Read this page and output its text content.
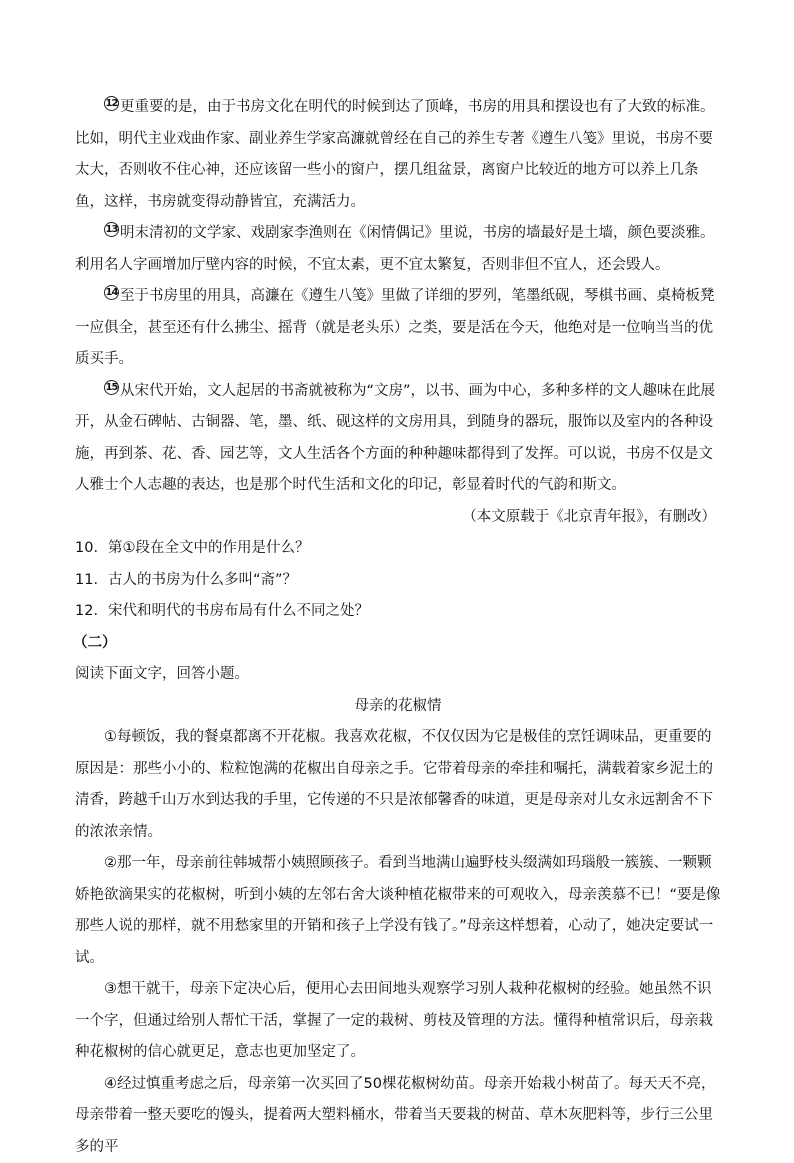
12 更重要的是，由于书房文化在明代的时候到达了顶峰，书房的用具和摆设也有了大致的标准。比如，明代主业戏曲作家、副业养生学家高濂就曾经在自己的养生专著《遵生八笺》里说，书房不要太大，否则收不住心神，还应该留一些小的窗户，摆几组盆景，离窗户比较近的地方可以养上几条鱼，这样，书房就变得动静皆宜，充满活力。

13 明末清初的文学家、戏剧家李渔则在《闲情偶记》里说，书房的墙最好是土墙，颜色要淡雅。利用名人字画增加厅壁内容的时候，不宜太素，更不宜太繁复，否则非但不宜人，还会毁人。

14 至于书房里的用具，高濂在《遵生八笺》里做了详细的罗列，笔墨纸砚，琴棋书画、桌椅板凳一应俱全，甚至还有什么拂尘、摇背（就是老头乐）之类，要是活在今天，他绝对是一位响当当的优质买手。

15 从宋代开始，文人起居的书斋就被称为“文房”，以书、画为中心，多种多样的文人趣味在此展开，从金石碑帖、古铜器、笔，墨、纸、砚这样的文房用具，到随身的器玩，服饰以及室内的各种设施，再到茶、花、香、园艺等，文人生活各个方面的种种趣味都得到了发挥。可以说，书房不仅是文人雅士个人志趣的表达，也是那个时代生活和文化的印记，彰显着时代的气韵和斯文。

（本文原载于《北京青年报》，有删改）

10．第①段在全文中的作用是什么？

11．古人的书房为什么多叫“斋”？

12．宋代和明代的书房布局有什么不同之处？

（二）

阅读下面文字，回答小题。

母亲的花椒情

①每顿饭，我的餐桌都离不开花椒。我喜欢花椒，不仅仅因为它是极佳的烹饪调味品，更重要的原因是：那些小小的、粒粒饱满的花椒出自母亲之手。它带着母亲的牵挂和嘱托，满载着家乡泥土的清香，跨越千山万水到达我的手里，它传递的不只是浓郁馨香的味道，更是母亲对儿女永远割舍不下的浓浓亲情。

②那一年，母亲前往韩城帮小姨照顾孩子。看到当地满山遍野枝头缀满如玛瑙般一簇簇、一颗颗娇艳欲滴果实的花椒树，听到小姨的左邻右舍大谈种植花椒带来的可观收入，母亲羡慕不已！“要是像那些人说的那样，就不用愁家里的开销和孩子上学没有钱了。”母亲这样想着，心动了，她决定要试一试。

③想干就干，母亲下定决心后，便用心去田间地头观察学习别人栽种花椒树的经验。她虽然不识一个字，但通过给别人帮忙干活，掌握了一定的栽树、剪枝及管理的方法。懂得种植常识后，母亲栽种花椒树的信心就更足，意志也更加坚定了。

④经过慎重考虑之后，母亲第一次买回了50棵花椒树幼苗。母亲开始栽小树苗了。每天天不亮，母亲带着一整天要吃的馒头，提着两大塑料桶水，带着当天要栽的树苗、草木灰肥料等，步行三公里多的平
